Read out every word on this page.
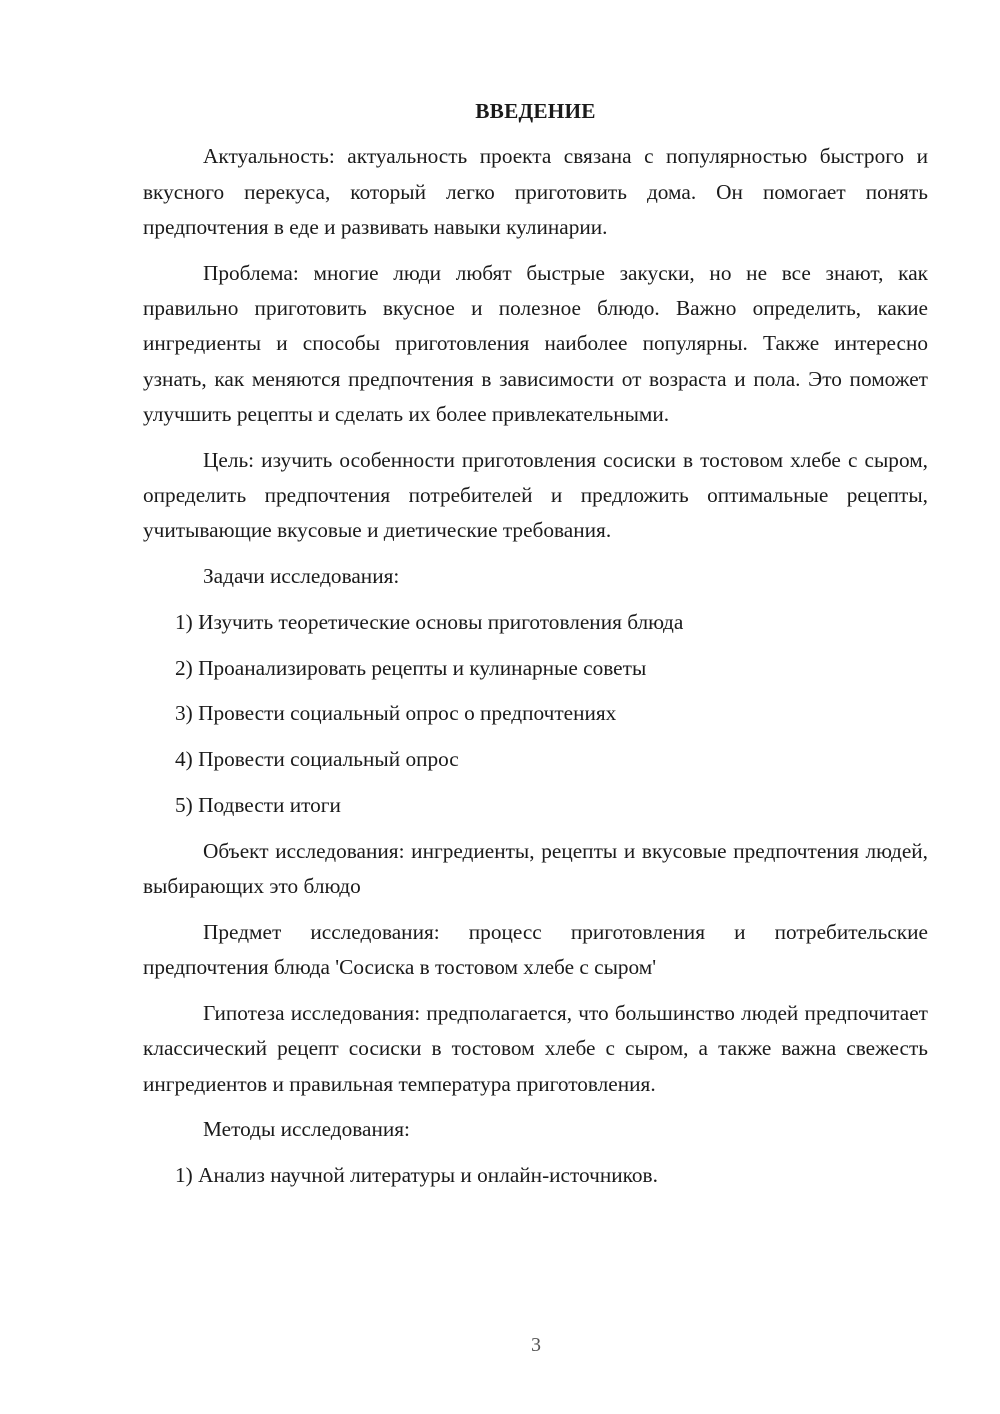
ВВЕДЕНИЕ

Актуальность: актуальность проекта связана с популярностью быстрого и вкусного перекуса, который легко приготовить дома. Он помогает понять предпочтения в еде и развивать навыки кулинарии.

Проблема: многие люди любят быстрые закуски, но не все знают, как правильно приготовить вкусное и полезное блюдо. Важно определить, какие ингредиенты и способы приготовления наиболее популярны. Также интересно узнать, как меняются предпочтения в зависимости от возраста и пола. Это поможет улучшить рецепты и сделать их более привлекательными.

Цель: изучить особенности приготовления сосиски в тостовом хлебе с сыром, определить предпочтения потребителей и предложить оптимальные рецепты, учитывающие вкусовые и диетические требования.

Задачи исследования:

1) Изучить теоретические основы приготовления блюда
2) Проанализировать рецепты и кулинарные советы
3) Провести социальный опрос о предпочтениях
4) Провести социальный опрос
5) Подвести итоги

Объект исследования: ингредиенты, рецепты и вкусовые предпочтения людей, выбирающих это блюдо

Предмет исследования: процесс приготовления и потребительские предпочтения блюда 'Сосиска в тостовом хлебе с сыром'

Гипотеза исследования: предполагается, что большинство людей предпочитает классический рецепт сосиски в тостовом хлебе с сыром, а также важна свежесть ингредиентов и правильная температура приготовления.

Методы исследования:

1) Анализ научной литературы и онлайн-источников.
3
